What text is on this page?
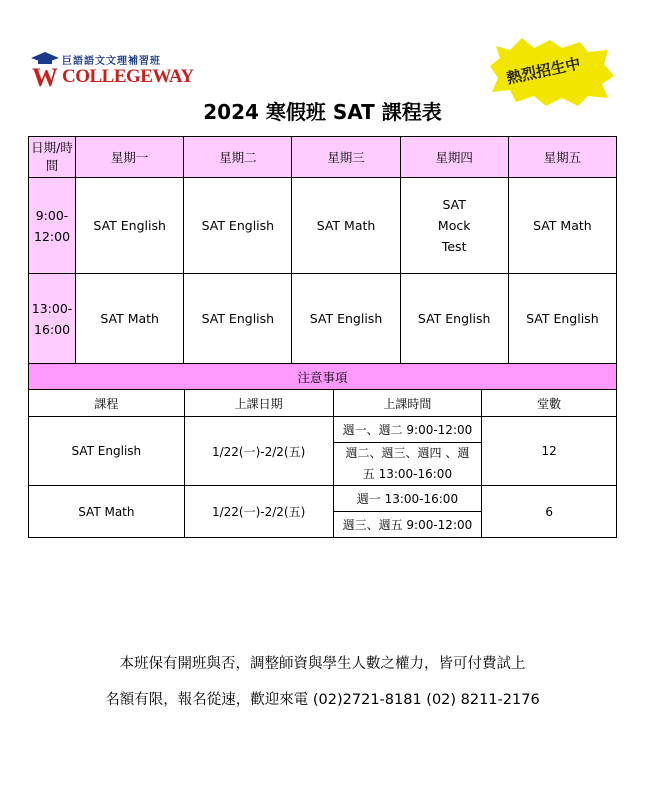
W
巨語語文文理補習班
COLLEGEWAY	熱烈招生中
2024 寒假班 SAT 課程表
日期/時間	星期一	星期二	星期三	星期四	星期五
9:00-12:00	SAT English	SAT English	SAT Math	SAT Mock Test	SAT Math
13:00-16:00	SAT Math	SAT English	SAT English	SAT English	SAT English
注意事項					
課程	上課日期	上課時間	堂數
SAT English	1/22(一)-2/2(五)	週一、週二 9:00-12:00	12
		週二、週三、週四 、週五 13:00-16:00	
SAT Math	1/22(一)-2/2(五)	週一 13:00-16:00	6
		週三、週五 9:00-12:00	
本班保有開班與否，調整師資與學生人數之權力，皆可付費試上
名額有限，報名從速，歡迎來電 (02)2721-8181 (02) 8211-2176
